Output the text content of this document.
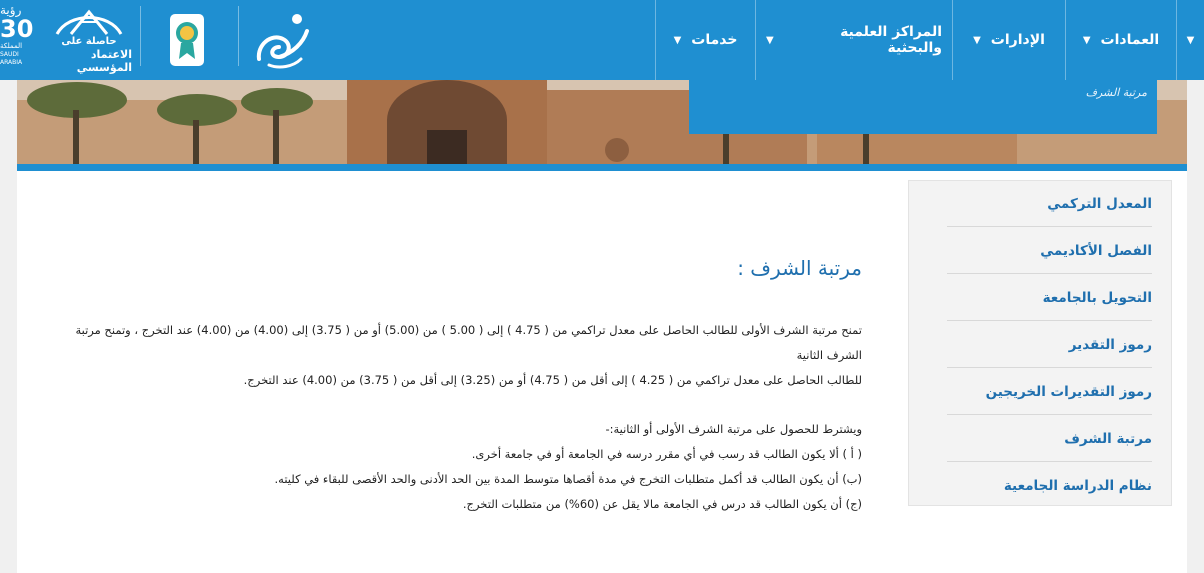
▼
العمادات
▼
الإدارات
▼
المراكز العلمية والبحثية
▼
خدمات
▼
حاصلة على
الاعتماد المؤسسي
رؤية
30
المملكة
SAUDI ARABIA
مرتبة الشرف
مرتبة الشرف :

تمنح مرتبة الشرف الأولى للطالب الحاصل على معدل تراكمي من ( 4.75 ) إلى ( 5.00 ) من (5.00) أو من ( 3.75) إلى (4.00) من (4.00) عند التخرج ، وتمنح مرتبة الشرف الثانية

للطالب الحاصل على معدل تراكمي من ( 4.25 ) إلى أقل من ( 4.75) أو من (3.25) إلى أقل من ( 3.75) من (4.00) عند التخرج.

ويشترط للحصول على مرتبة الشرف الأولى أو الثانية:-

( أ ) ألا يكون الطالب قد رسب في أي مقرر درسه في الجامعة أو في جامعة أخرى.

(ب) أن يكون الطالب قد أكمل متطلبات التخرج في مدة أقصاها متوسط المدة بين الحد الأدنى والحد الأقصى للبقاء في كليته.

(ج) أن يكون الطالب قد درس في الجامعة مالا يقل عن (60%) من متطلبات التخرج.

المعدل التركمي
الفصل الأكاديمي
التحويل بالجامعة
رموز التقدير
رموز التقديرات الخريجين
مرتبة الشرف
نظام الدراسة الجامعية
